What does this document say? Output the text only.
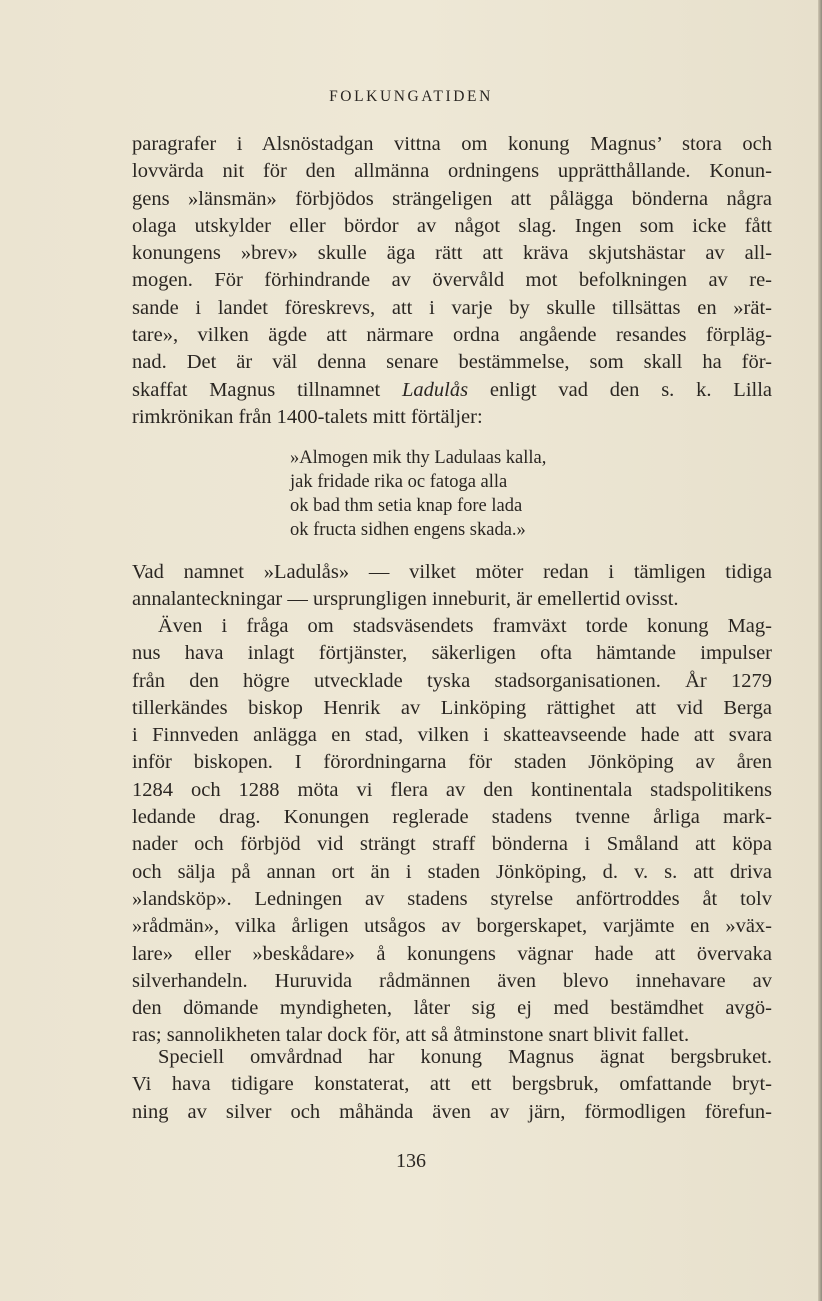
FOLKUNGATIDEN
paragrafer i Alsnöstadgan vittna om konung Magnus’ stora och
lovvärda nit för den allmänna ordningens upprätthållande. Konun-
gens »länsmän» förbjödos strängeligen att pålägga bönderna några
olaga utskylder eller bördor av något slag. Ingen som icke fått
konungens »brev» skulle äga rätt att kräva skjutshästar av all-
mogen. För förhindrande av övervåld mot befolkningen av re-
sande i landet föreskrevs, att i varje by skulle tillsättas en »rät-
tare», vilken ägde att närmare ordna angående resandes förpläg-
nad. Det är väl denna senare bestämmelse, som skall ha för-
skaffat Magnus tillnamnet Ladulås enligt vad den s. k. Lilla
rimkrönikan från 1400-talets mitt förtäljer:
»Almogen mik thy Ladulaas kalla,
jak fridade rika oc fatoga alla
ok bad thm setia knap fore lada
ok fructa sidhen engens skada.»
Vad namnet »Ladulås» — vilket möter redan i tämligen tidiga
annalanteckningar — ursprungligen inneburit, är emellertid ovisst.
Även i fråga om stadsväsendets framväxt torde konung Mag-
nus hava inlagt förtjänster, säkerligen ofta hämtande impulser
från den högre utvecklade tyska stadsorganisationen. År 1279
tillerkändes biskop Henrik av Linköping rättighet att vid Berga
i Finnveden anlägga en stad, vilken i skatteavseende hade att svara
inför biskopen. I förordningarna för staden Jönköping av åren
1284 och 1288 möta vi flera av den kontinentala stadspolitikens
ledande drag. Konungen reglerade stadens tvenne årliga mark-
nader och förbjöd vid strängt straff bönderna i Småland att köpa
och sälja på annan ort än i staden Jönköping, d. v. s. att driva
»landsköp». Ledningen av stadens styrelse anförtroddes åt tolv
»rådmän», vilka årligen utsågos av borgerskapet, varjämte en »väx-
lare» eller »beskådare» å konungens vägnar hade att övervaka
silverhandeln. Huruvida rådmännen även blevo innehavare av
den dömande myndigheten, låter sig ej med bestämdhet avgö-
ras; sannolikheten talar dock för, att så åtminstone snart blivit fallet.
Speciell omvårdnad har konung Magnus ägnat bergsbruket.
Vi hava tidigare konstaterat, att ett bergsbruk, omfattande bryt-
ning av silver och måhända även av järn, förmodligen förefun-
136
